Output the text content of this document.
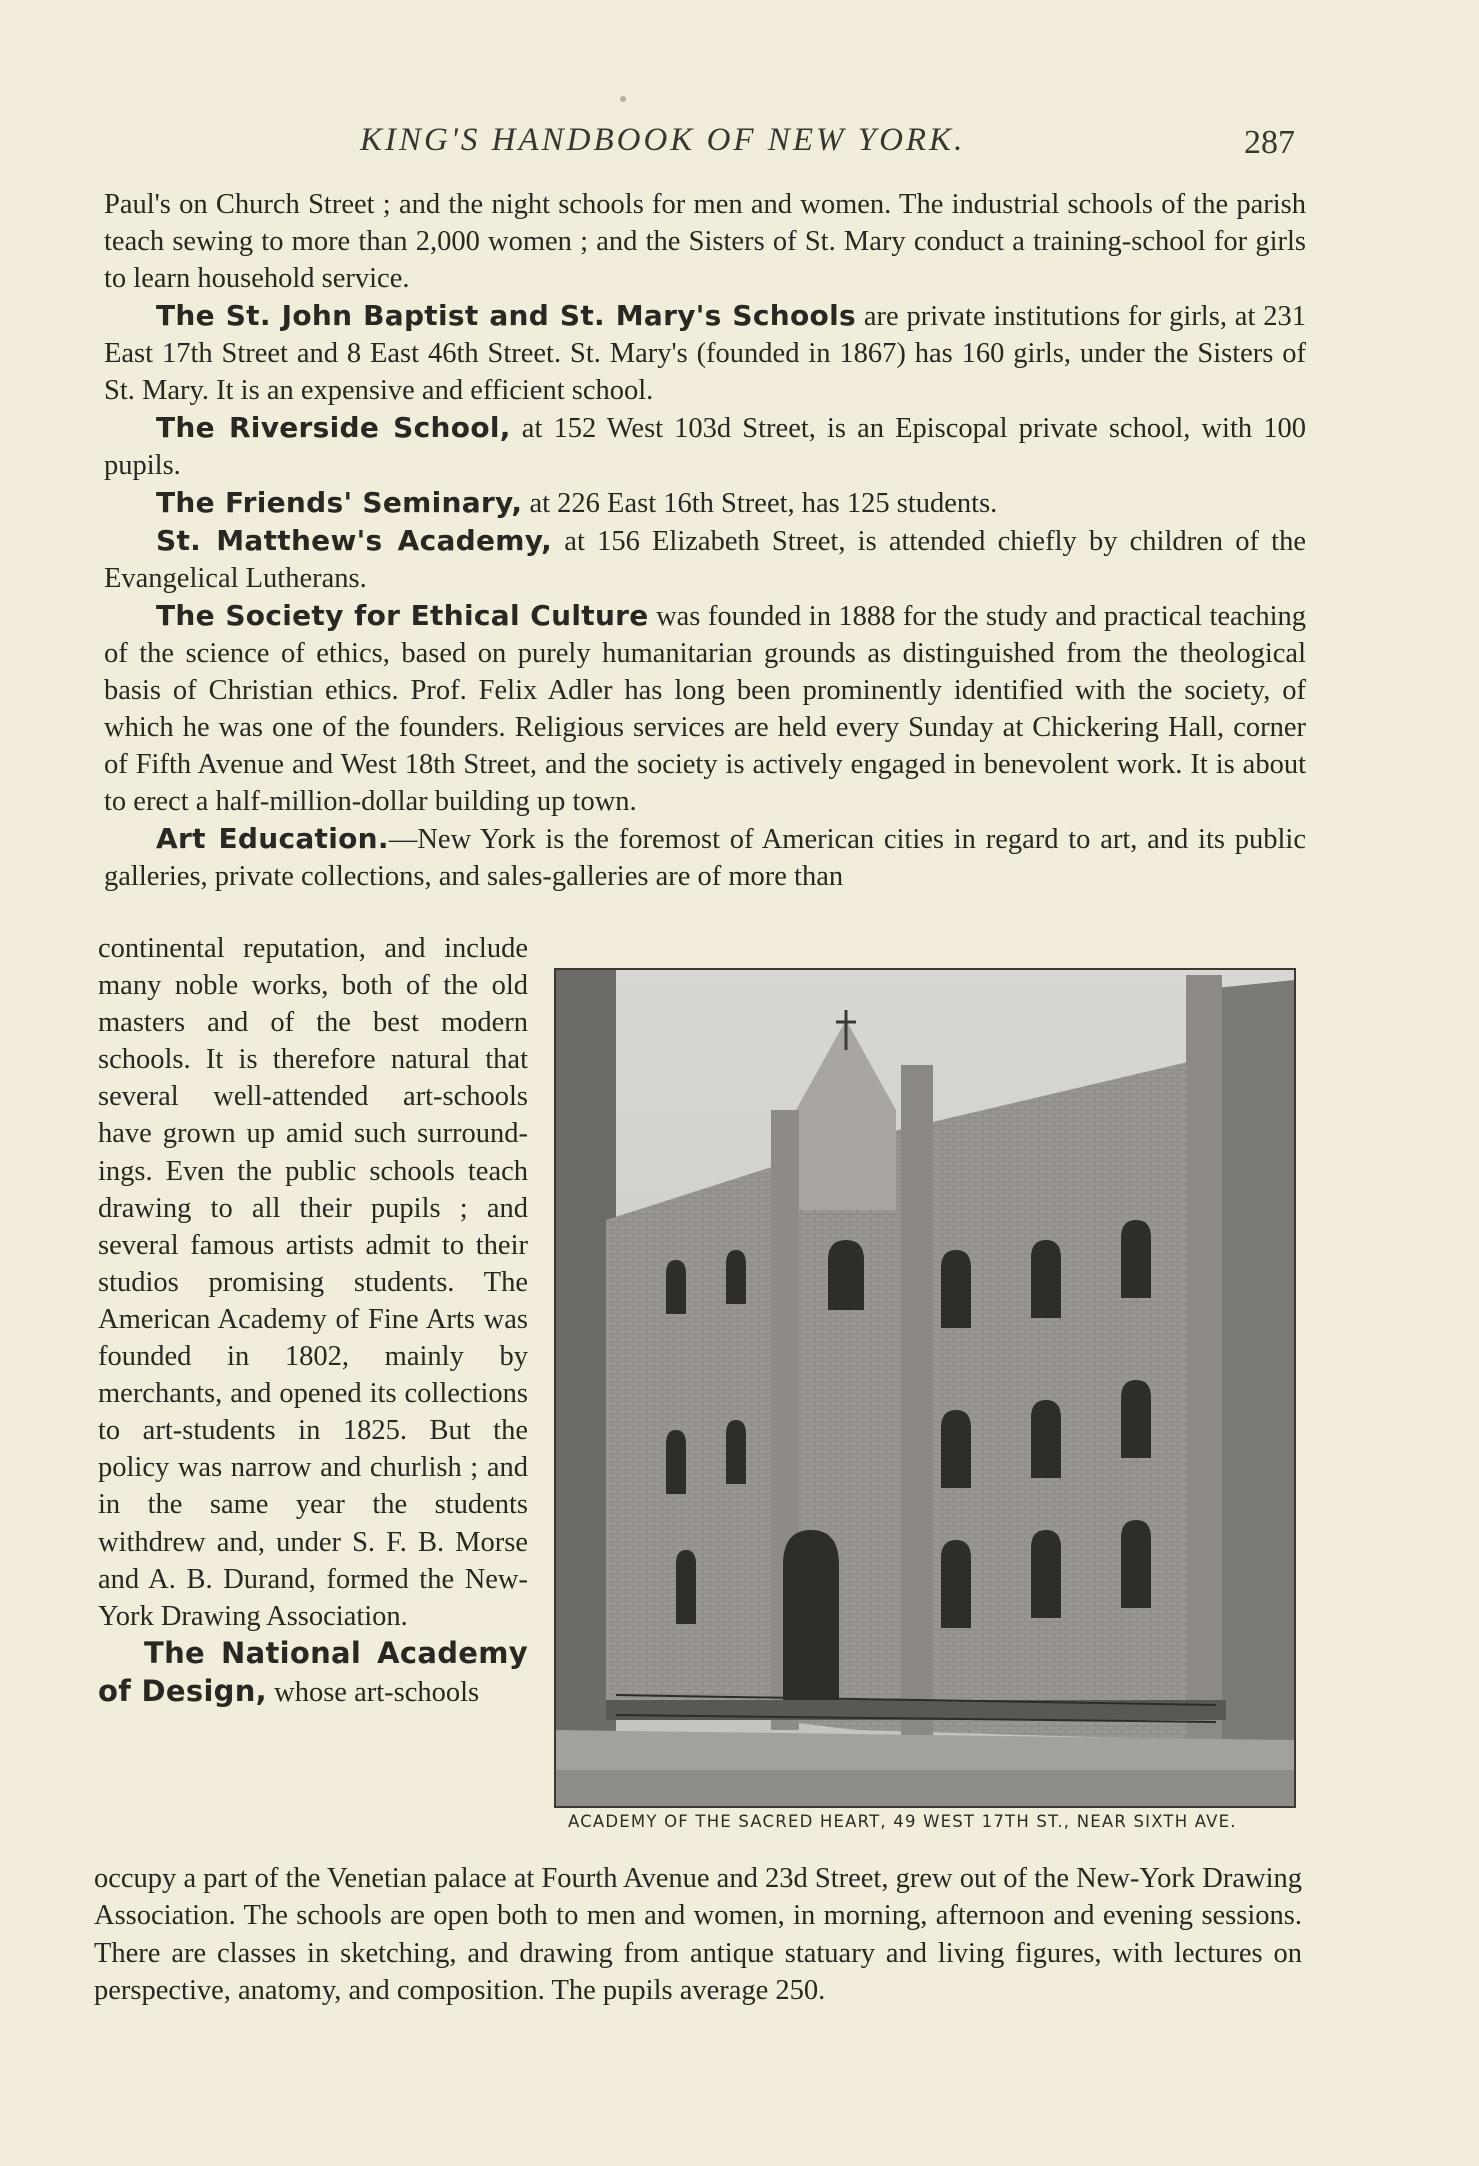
KING'S HANDBOOK OF NEW YORK.	287

Paul's on Church Street ; and the night schools for men and women. The industrial schools of the parish teach sewing to more than 2,000 women ; and the Sisters of St. Mary conduct a training-school for girls to learn household service.

The St. John Baptist and St. Mary's Schools are private institutions for girls, at 231 East 17th Street and 8 East 46th Street. St. Mary's (founded in 1867) has 160 girls, under the Sisters of St. Mary. It is an expensive and efficient school.

The Riverside School, at 152 West 103d Street, is an Episcopal private school, with 100 pupils.

The Friends' Seminary, at 226 East 16th Street, has 125 students.

St. Matthew's Academy, at 156 Elizabeth Street, is attended chiefly by children of the Evangelical Lutherans.

The Society for Ethical Culture was founded in 1888 for the study and practical teaching of the science of ethics, based on purely humanitarian grounds as distinguished from the theological basis of Christian ethics. Prof. Felix Adler has long been prominently identified with the society, of which he was one of the founders. Religious services are held every Sunday at Chickering Hall, corner of Fifth Avenue and West 18th Street, and the society is actively engaged in benevolent work. It is about to erect a half-million-dollar building up town.

Art Education.—New York is the foremost of American cities in regard to art, and its public galleries, private collections, and sales-galleries are of more than

continental reputation, and include many noble works, both of the old masters and of the best modern schools. It is therefore natural that several well-attended art-schools have grown up amid such surroundings. Even the public schools teach drawing to all their pupils ; and several famous artists admit to their studios promising students. The American Academy of Fine Arts was founded in 1802, mainly by merchants, and opened its collections to art-students in 1825. But the policy was narrow and churlish ; and in the same year the students withdrew and, under S. F. B. Morse and A. B. Durand, formed the New-York Drawing Association.

The National Academy of Design, whose art-schools

ACADEMY OF THE SACRED HEART, 49 WEST 17TH ST., NEAR SIXTH AVE.

occupy a part of the Venetian palace at Fourth Avenue and 23d Street, grew out of the New-York Drawing Association. The schools are open both to men and women, in morning, afternoon and evening sessions. There are classes in sketching, and drawing from antique statuary and living figures, with lectures on perspective, anatomy, and composition. The pupils average 250.
